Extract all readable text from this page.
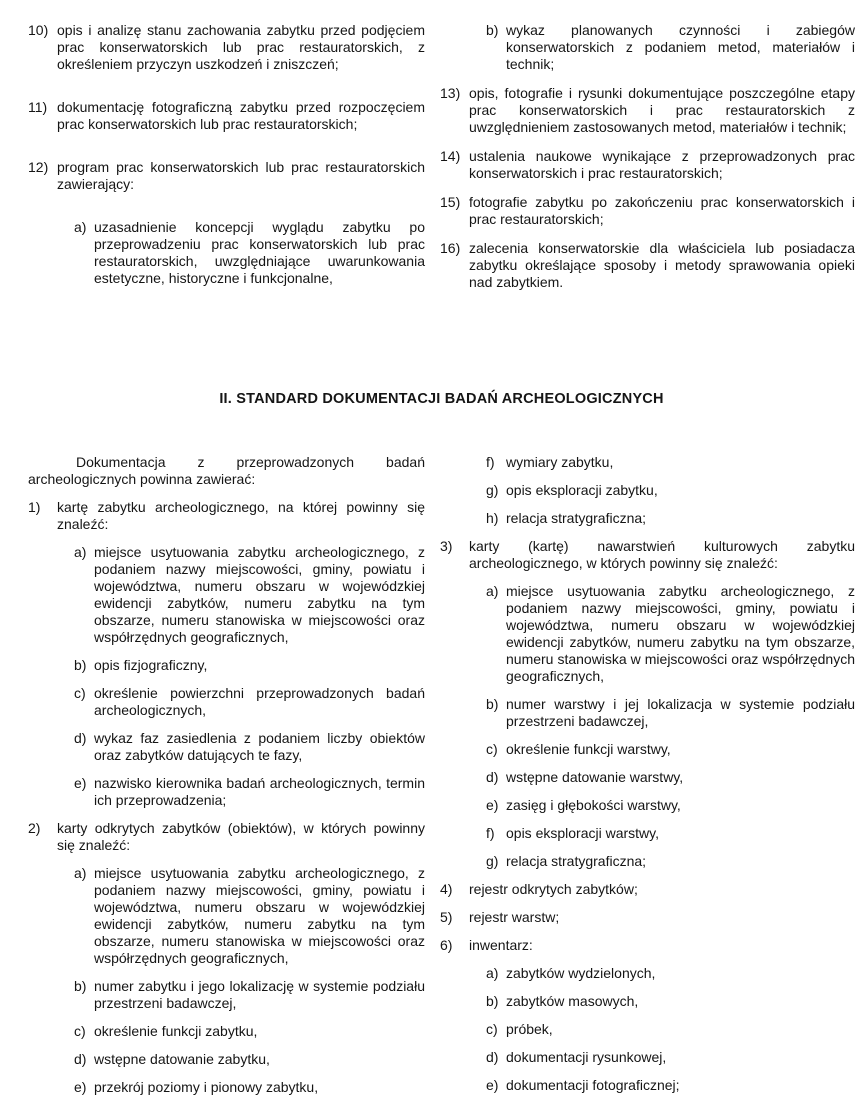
10) opis i analizę stanu zachowania zabytku przed podjęciem prac konserwatorskich lub prac restauratorskich, z określeniem przyczyn uszkodzeń i zniszczeń;
11) dokumentację fotograficzną zabytku przed rozpoczęciem prac konserwatorskich lub prac restauratorskich;
12) program prac konserwatorskich lub prac restauratorskich zawierający:
a) uzasadnienie koncepcji wyglądu zabytku po przeprowadzeniu prac konserwatorskich lub prac restauratorskich, uwzględniające uwarunkowania estetyczne, historyczne i funkcjonalne,
b) wykaz planowanych czynności i zabiegów konserwatorskich z podaniem metod, materiałów i technik;
13) opis, fotografie i rysunki dokumentujące poszczególne etapy prac konserwatorskich i prac restauratorskich z uwzględnieniem zastosowanych metod, materiałów i technik;
14) ustalenia naukowe wynikające z przeprowadzonych prac konserwatorskich i prac restauratorskich;
15) fotografie zabytku po zakończeniu prac konserwatorskich i prac restauratorskich;
16) zalecenia konserwatorskie dla właściciela lub posiadacza zabytku określające sposoby i metody sprawowania opieki nad zabytkiem.
II. STANDARD DOKUMENTACJI BADAŃ ARCHEOLOGICZNYCH

Dokumentacja z przeprowadzonych badań archeologicznych powinna zawierać:

1)	kartę zabytku archeologicznego, na której powinny się znaleźć:
a) miejsce usytuowania zabytku archeologicznego, z podaniem nazwy miejscowości, gminy, powiatu i województwa, numeru obszaru w wojewódzkiej ewidencji zabytków, numeru zabytku na tym obszarze, numeru stanowiska w miejscowości oraz współrzędnych geograficznych,
b) opis fizjograficzny,
c) określenie powierzchni przeprowadzonych badań archeologicznych,
d) wykaz faz zasiedlenia z podaniem liczby obiektów oraz zabytków datujących te fazy,
e) nazwisko kierownika badań archeologicznych, termin ich przeprowadzenia;
2)	karty odkrytych zabytków (obiektów), w których powinny się znaleźć:
a) miejsce usytuowania zabytku archeologicznego, z podaniem nazwy miejscowości, gminy, powiatu i województwa, numeru obszaru w wojewódzkiej ewidencji zabytków, numeru zabytku na tym obszarze, numeru stanowiska w miejscowości oraz współrzędnych geograficznych,
b) numer zabytku i jego lokalizację w systemie podziału przestrzeni badawczej,
c) określenie funkcji zabytku,
d) wstępne datowanie zabytku,
e) przekrój poziomy i pionowy zabytku,
f) wymiary zabytku,
g) opis eksploracji zabytku,
h) relacja stratygraficzna;
3)	karty (kartę) nawarstwień kulturowych zabytku archeologicznego, w których powinny się znaleźć:
a) miejsce usytuowania zabytku archeologicznego, z podaniem nazwy miejscowości, gminy, powiatu i województwa, numeru obszaru w wojewódzkiej ewidencji zabytków, numeru zabytku na tym obszarze, numeru stanowiska w miejscowości oraz współrzędnych geograficznych,
b) numer warstwy i jej lokalizacja w systemie podziału przestrzeni badawczej,
c) określenie funkcji warstwy,
d) wstępne datowanie warstwy,
e) zasięg i głębokości warstwy,
f) opis eksploracji warstwy,
g) relacja stratygraficzna;
4)	rejestr odkrytych zabytków;
5)	rejestr warstw;
6)	inwentarz:
a) zabytków wydzielonych,
b) zabytków masowych,
c) próbek,
d) dokumentacji rysunkowej,
e) dokumentacji fotograficznej;
